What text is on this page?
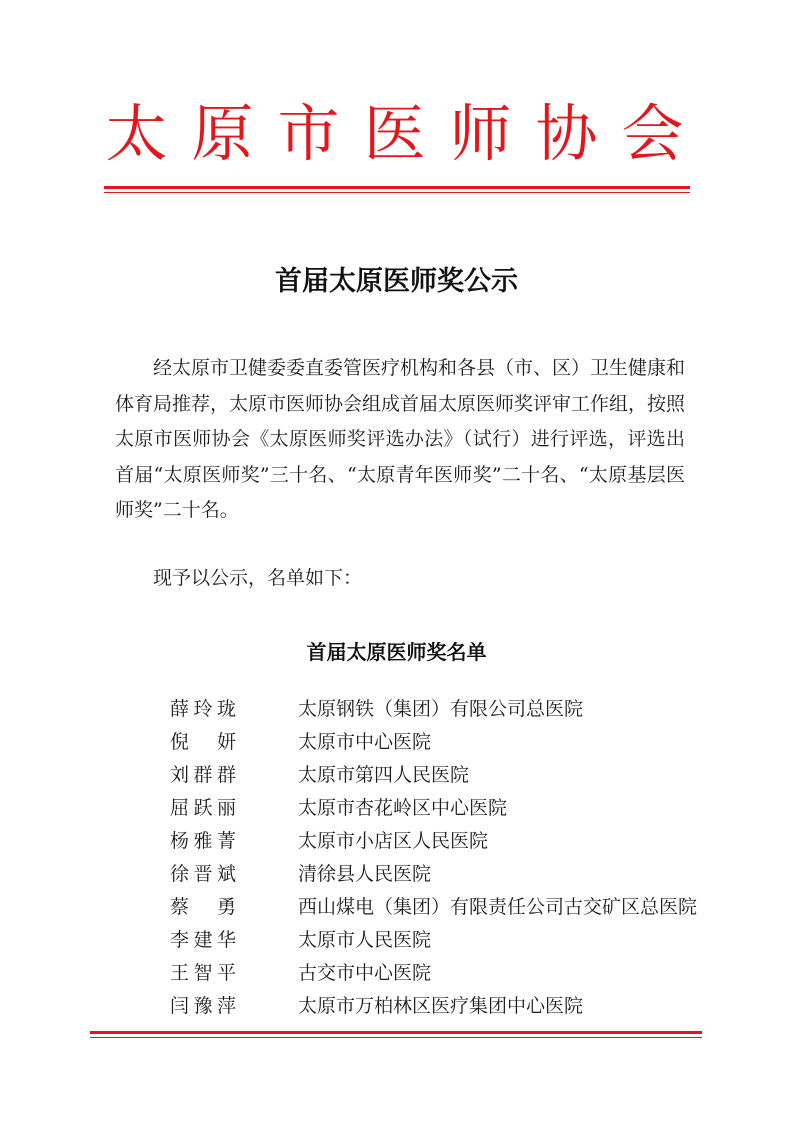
太原市医师协会
首届太原医师奖公示
经太原市卫健委委直委管医疗机构和各县（市、区）卫生健康和体育局推荐，太原市医师协会组成首届太原医师奖评审工作组，按照太原市医师协会《太原医师奖评选办法》（试行）进行评选，评选出首届“太原医师奖”三十名、“太原青年医师奖”二十名、“太原基层医师奖”二十名。
现予以公示，名单如下：
首届太原医师奖名单
薛玲珑	太原钢铁（集团）有限公司总医院
倪　妍	太原市中心医院
刘群群	太原市第四人民医院
屈跃丽	太原市杏花岭区中心医院
杨雅菁	太原市小店区人民医院
徐晋斌	清徐县人民医院
蔡　勇	西山煤电（集团）有限责任公司古交矿区总医院
李建华	太原市人民医院
王智平	古交市中心医院
闫豫萍	太原市万柏林区医疗集团中心医院
